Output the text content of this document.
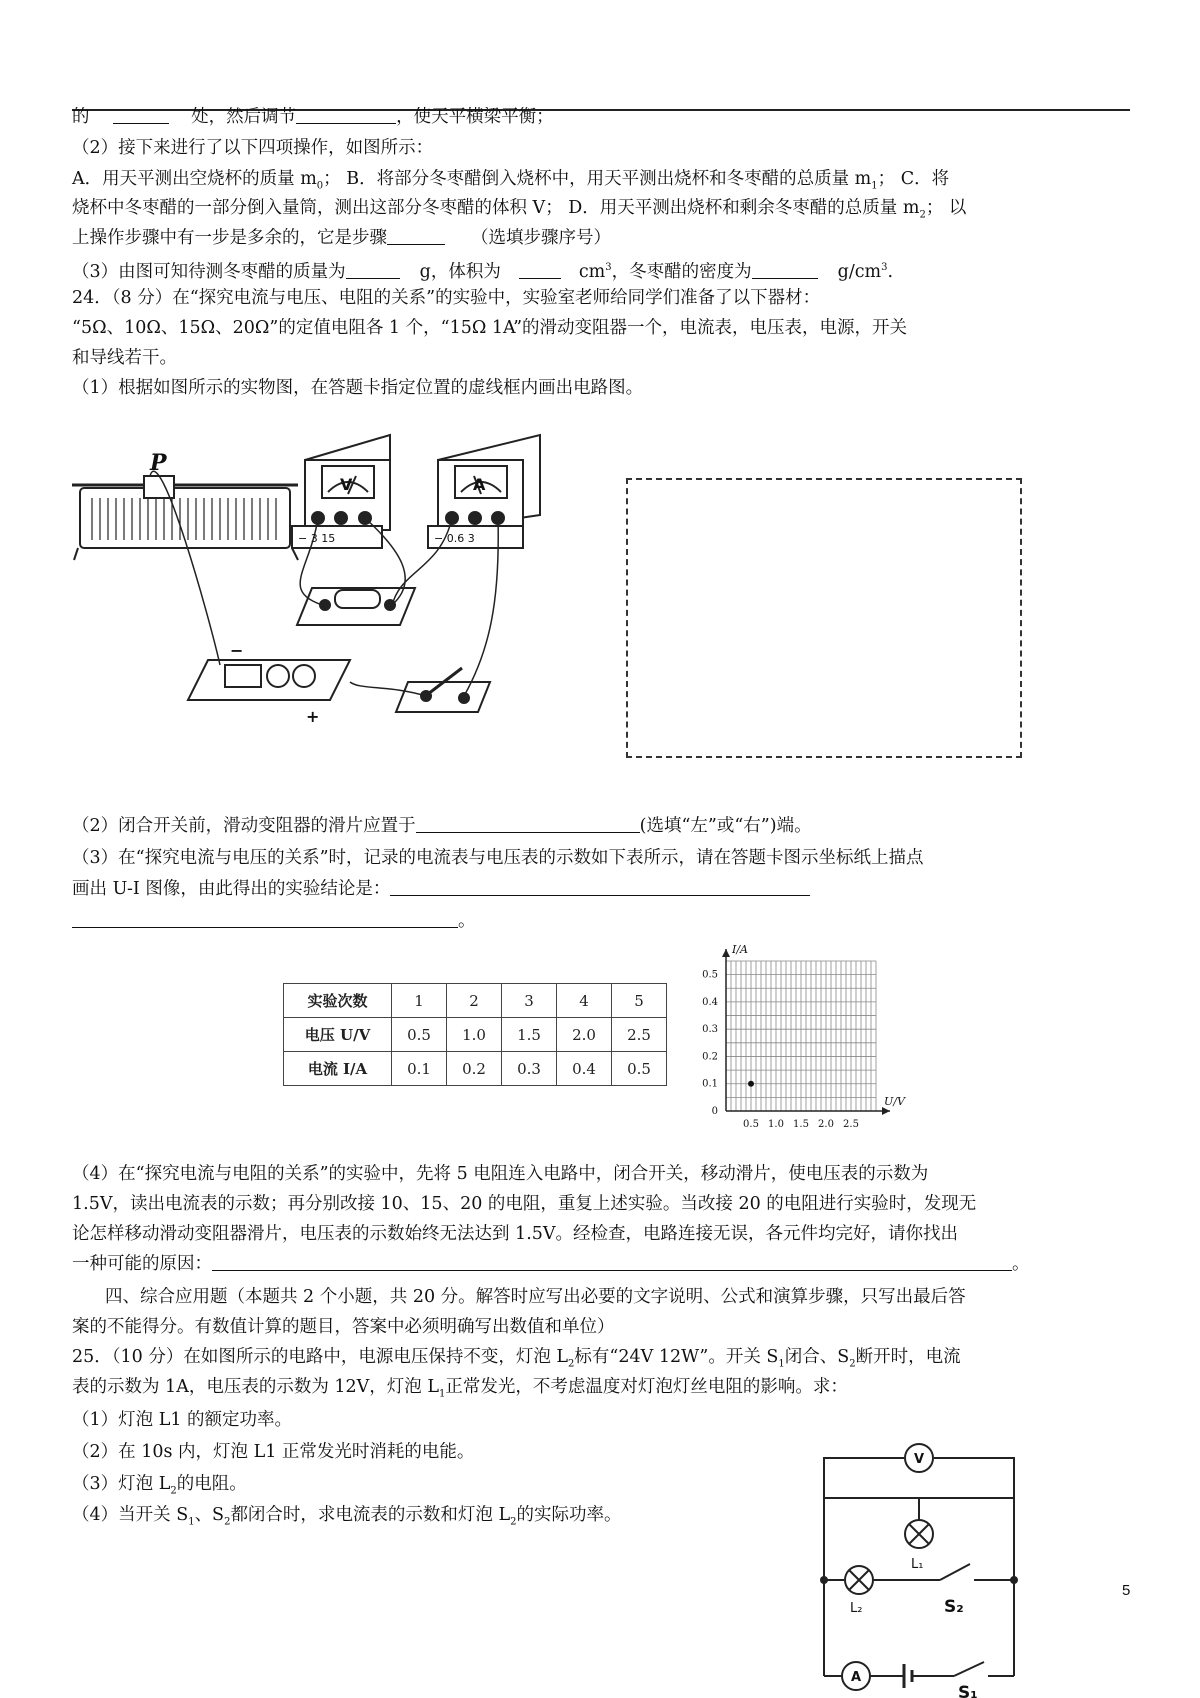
的	处，然后调节	，使天平横梁平衡；
（2）接下来进行了以下四项操作，如图所示：
A．用天平测出空烧杯的质量 $m_0$； B．将部分冬枣醋倒入烧杯中，用天平测出烧杯和冬枣醋的总质量 $m_1$； C．将
烧杯中冬枣醋的一部分倒入量筒，测出这部分冬枣醋的体积 V； D．用天平测出烧杯和剩余冬枣醋的总质量 $m_2$； 以
上操作步骤中有一步是多余的，它是步骤	（选填步骤序号）
（3）由图可知待测冬枣醋的质量为	g，体积为	$cm^3$，冬枣醋的密度为	$g/cm^3$.
24．（8 分）在“探究电流与电压、电阻的关系”的实验中，实验室老师给同学们准备了以下器材：
“5Ω、10Ω、15Ω、20Ω”的定值电阻各 1 个，“15Ω 1A”的滑动变阻器一个，电流表，电压表，电源，开关
和导线若干。
（1）根据如图所示的实物图，在答题卡指定位置的虚线框内画出电路图。
P
V	A
− 3 15	− 0.6 3
−
+
（2）闭合开关前，滑动变阻器的滑片应置于	(选填“左”或“右”)端。
（3）在“探究电流与电压的关系”时，记录的电流表与电压表的示数如下表所示，请在答题卡图示坐标纸上描点
画出 U-I 图像，由此得出的实验结论是：
。
实验次数	1	2	3	4	5
电压 U/V	0.5	1.0	1.5	2.0	2.5
电流 I/A	0.1	0.2	0.3	0.4	0.5
0.5 1.0 1.5 2.0 2.5
0.1
0.2
0.3
0.4
0.5
0
U/V
I/A
（4）在“探究电流与电阻的关系”的实验中，先将 5 电阻连入电路中，闭合开关，移动滑片，使电压表的示数为
1.5V，读出电流表的示数；再分别改接 10、15、20 的电阻，重复上述实验。当改接 20 的电阻进行实验时，发现无
论怎样移动滑动变阻器滑片，电压表的示数始终无法达到 1.5V。经检查，电路连接无误，各元件均完好，请你找出
一种可能的原因：	。
四、综合应用题（本题共 2 个小题，共 20 分。解答时应写出必要的文字说明、公式和演算步骤，只写出最后答
案的不能得分。有数值计算的题目，答案中必须明确写出数值和单位）
25．（10 分）在如图所示的电路中，电源电压保持不变，灯泡 $L_2$标有“24V 12W”。开关 $S_1$闭合、$S_2$断开时，电流
表的示数为 1A，电压表的示数为 12V，灯泡 $L_1$正常发光，不考虑温度对灯泡灯丝电阻的影响。求：
（1）灯泡 L1 的额定功率。
（2）在 10s 内，灯泡 L1 正常发光时消耗的电能。
（3）灯泡 $L_2$的电阻。
（4）当开关 $S_1$、$S_2$都闭合时，求电流表的示数和灯泡 $L_2$的实际功率。
V
L₁
L₂	S₂
A
S₁
5
